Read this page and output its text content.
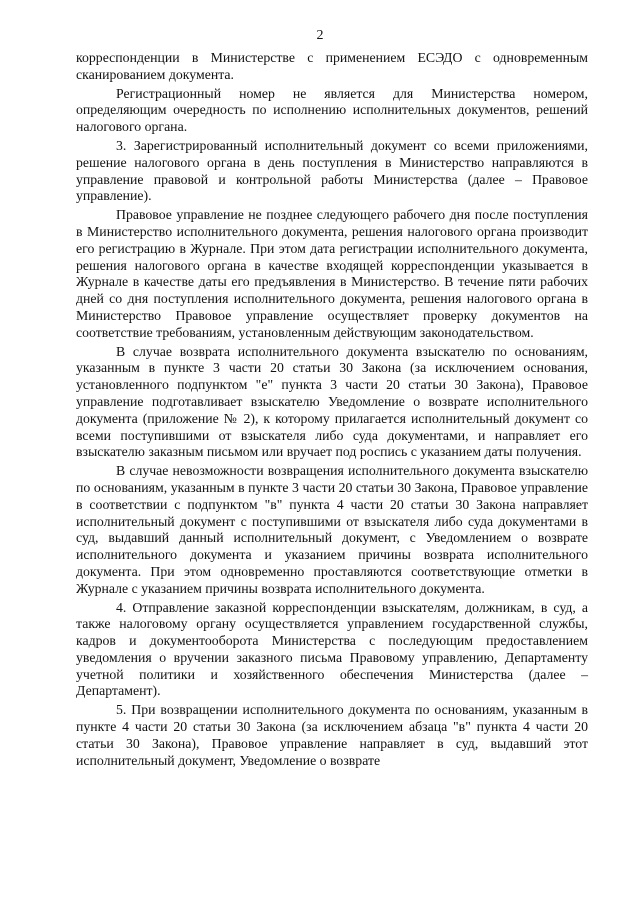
2

корреспонденции в Министерстве с применением ЕСЭДО с одновременным сканированием документа.

Регистрационный номер не является для Министерства номером, определяющим очередность по исполнению исполнительных документов, решений налогового органа.

3. Зарегистрированный исполнительный документ со всеми приложениями, решение налогового органа в день поступления в Министерство направляются в управление правовой и контрольной работы Министерства (далее – Правовое управление).

Правовое управление не позднее следующего рабочего дня после поступления в Министерство исполнительного документа, решения налогового органа производит его регистрацию в Журнале. При этом дата регистрации исполнительного документа, решения налогового органа в качестве входящей корреспонденции указывается в Журнале в качестве даты его предъявления в Министерство. В течение пяти рабочих дней со дня поступления исполнительного документа, решения налогового органа в Министерство Правовое управление осуществляет проверку документов на соответствие требованиям, установленным действующим законодательством.

В случае возврата исполнительного документа взыскателю по основаниям, указанным в пункте 3 части 20 статьи 30 Закона (за исключением основания, установленного подпунктом "е" пункта 3 части 20 статьи 30 Закона), Правовое управление подготавливает взыскателю Уведомление о возврате исполнительного документа (приложение № 2), к которому прилагается исполнительный документ со всеми поступившими от взыскателя либо суда документами, и направляет его взыскателю заказным письмом или вручает под роспись с указанием даты получения.

В случае невозможности возвращения исполнительного документа взыскателю по основаниям, указанным в пункте 3 части 20 статьи 30 Закона, Правовое управление в соответствии с подпунктом "в" пункта 4 части 20 статьи 30 Закона направляет исполнительный документ с поступившими от взыскателя либо суда документами в суд, выдавший данный исполнительный документ, с Уведомлением о возврате исполнительного документа и указанием причины возврата исполнительного документа. При этом одновременно проставляются соответствующие отметки в Журнале с указанием причины возврата исполнительного документа.

4. Отправление заказной корреспонденции взыскателям, должникам, в суд, а также налоговому органу осуществляется управлением государственной службы, кадров и документооборота Министерства с последующим предоставлением уведомления о вручении заказного письма Правовому управлению, Департаменту учетной политики и хозяйственного обеспечения Министерства (далее – Департамент).

5. При возвращении исполнительного документа по основаниям, указанным в пункте 4 части 20 статьи 30 Закона (за исключением абзаца "в" пункта 4 части 20 статьи 30 Закона), Правовое управление направляет в суд, выдавший этот исполнительный документ, Уведомление о возврате
